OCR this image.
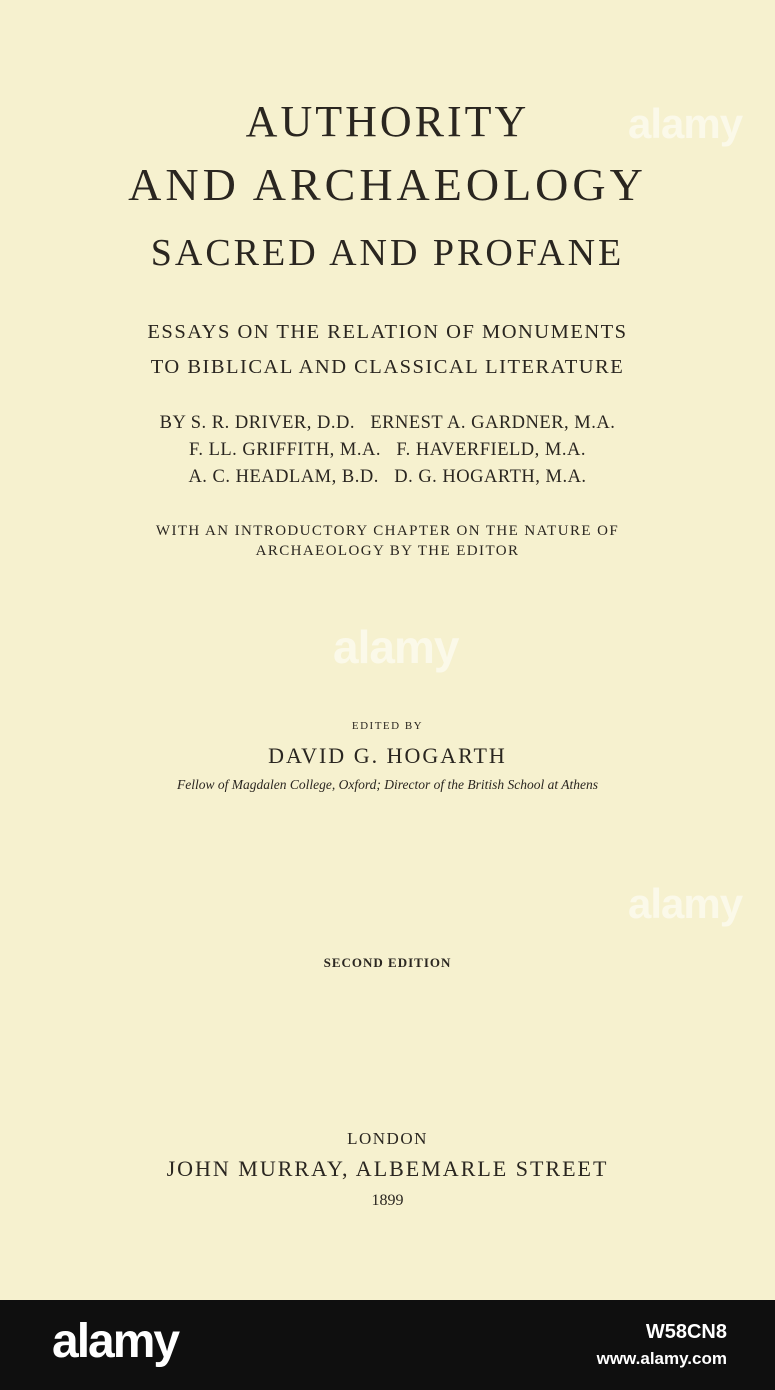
alamy
alamy
alamy
AUTHORITY
AND ARCHAEOLOGY
SACRED AND PROFANE
ESSAYS ON THE RELATION OF MONUMENTS
TO BIBLICAL AND CLASSICAL LITERATURE
BY S. R. DRIVER, D.D.   ERNEST A. GARDNER, M.A.
F. LL. GRIFFITH, M.A.   F. HAVERFIELD, M.A.
A. C. HEADLAM, B.D.   D. G. HOGARTH, M.A.
WITH AN INTRODUCTORY CHAPTER ON THE NATURE OF
ARCHAEOLOGY BY THE EDITOR
EDITED BY
DAVID G. HOGARTH
Fellow of Magdalen College, Oxford; Director of the British School at Athens
SECOND EDITION
LONDON
JOHN MURRAY, ALBEMARLE STREET
1899
alamy	W58CN8
www.alamy.com
